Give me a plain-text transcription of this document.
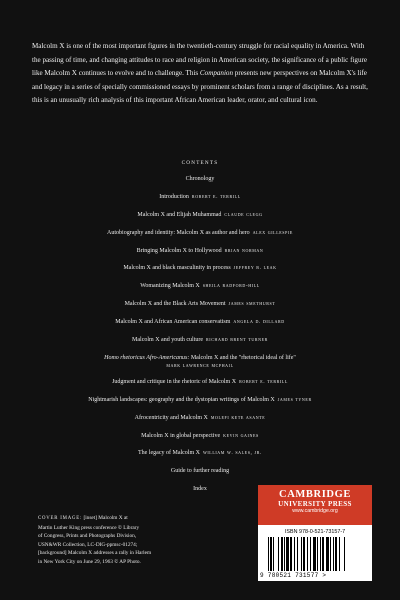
Malcolm X is one of the most important figures in the twentieth-century struggle for racial equality in America. With the passing of time, and changing attitudes to race and religion in American society, the significance of a public figure like Malcolm X continues to evolve and to challenge. This Companion presents new perspectives on Malcolm X's life and legacy in a series of specially commissioned essays by prominent scholars from a range of disciplines. As a result, this is an unusually rich analysis of this important African American leader, orator, and cultural icon.
CONTENTS
Chronology
Introduction robert e. terrill
Malcolm X and Elijah Muhammad claude clegg
Autobiography and identity: Malcolm X as author and hero alex gillespie
Bringing Malcolm X to Hollywood brian norman
Malcolm X and black masculinity in process jeffrey b. leak
Womanizing Malcolm X sheila radford-hill
Malcolm X and the Black Arts Movement james smethurst
Malcolm X and African American conservatism angela d. dillard
Malcolm X and youth culture richard brent turner
Homo rhetoricus Afro-Americanus: Malcolm X and the "rhetorical ideal of life"
mark lawrence mcphail
Judgment and critique in the rhetoric of Malcolm X robert e. terrill
Nightmarish landscapes: geography and the dystopian writings of Malcolm X james tyner
Afrocentricity and Malcolm X molefi kete asante
Malcolm X in global perspective kevin gaines
The legacy of Malcolm X william w. sales, jr.
Guide to further reading
Index
COVER IMAGE: [inset] Malcolm X at
Martin Luther King press conference © Library
of Congress, Prints and Photographs Division,
USN&WR Collection, LC-DIG-ppmsc-01274;
[background] Malcolm X addresses a rally in Harlem
in New York City on June 29, 1963 © AP Photo.
CAMBRIDGE
UNIVERSITY PRESS
www.cambridge.org
ISBN 978-0-521-73157-7
9 780521 731577 >
